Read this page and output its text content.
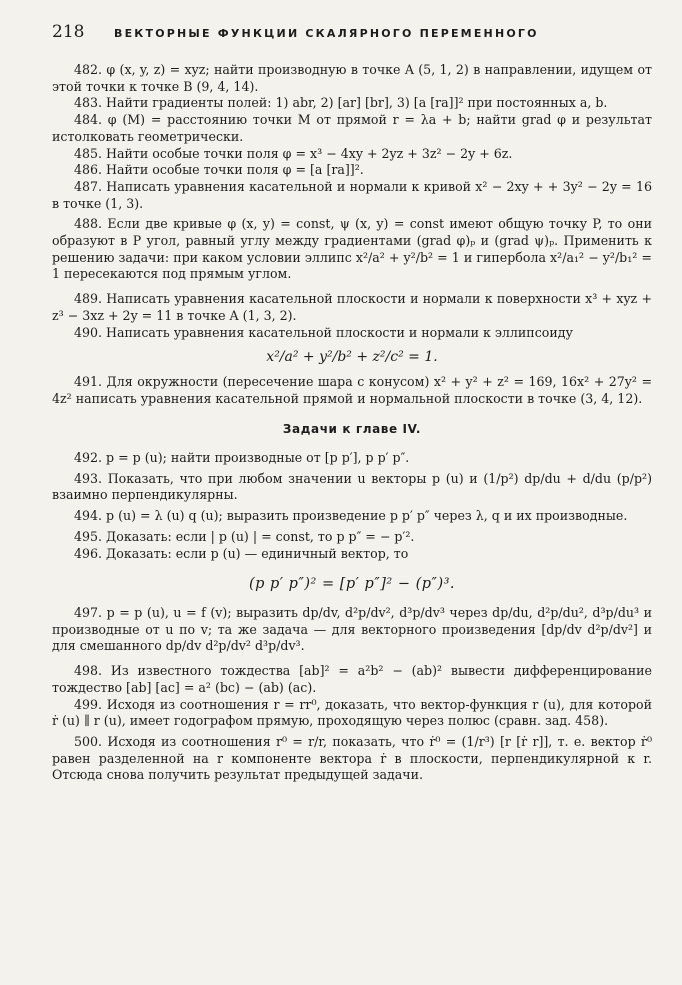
218	ВЕКТОРНЫЕ ФУНКЦИИ СКАЛЯРНОГО ПЕРЕМЕННОГО

482. φ (x, y, z) = xyz; найти производную в точке A (5, 1, 2) в направлении, идущем от этой точки к точке B (9, 4, 14).

483. Найти градиенты полей: 1) abr, 2) [ar] [br], 3) [a [ra]]² при постоянных a, b.

484. φ (M) = расстоянию точки M от прямой r = λa + b; найти grad φ и результат истолковать геометрически.

485. Найти особые точки поля φ = x³ − 4xy + 2yz + 3z² − 2y + 6z.

486. Найти особые точки поля φ = [a [ra]]².

487. Написать уравнения касательной и нормали к кривой x² − 2xy + + 3y² − 2y = 16 в точке (1, 3).

488. Если две кривые φ (x, y) = const, ψ (x, y) = const имеют общую точку P, то они образуют в P угол, равный углу между градиентами (grad φ)ₚ и (grad ψ)ₚ. Применить к решению задачи: при каком условии эллипс x²/a² + y²/b² = 1 и гипербола x²/a₁² − y²/b₁² = 1 пересекаются под прямым углом.

489. Написать уравнения касательной плоскости и нормали к поверхности x³ + xyz + z³ − 3xz + 2y = 11 в точке A (1, 3, 2).

490. Написать уравнения касательной плоскости и нормали к эллипсоиду

x²/a² + y²/b² + z²/c² = 1.

491. Для окружности (пересечение шара с конусом) x² + y² + z² = 169, 16x² + 27y² = 4z² написать уравнения касательной прямой и нормальной плоскости в точке (3, 4, 12).

Задачи к главе IV.

492. p = p (u); найти производные от [p p′], p p′ p″.

493. Показать, что при любом значении u векторы p (u) и (1/p²) dp/du + d/du (p/p²) взаимно перпендикулярны.

494. p (u) = λ (u) q (u); выразить произведение p p′ p″ через λ, q и их производные.

495. Доказать: если | p (u) | = const, то p p″ = − p′².

496. Доказать: если p (u) — единичный вектор, то

(p p′ p″)² = [p′ p″]² − (p″)³.

497. p = p (u), u = f (v); выразить dp/dv, d²p/dv², d³p/dv³ через dp/du, d²p/du², d³p/du³ и производные от u по v; та же задача — для векторного произведения [dp/dv d²p/dv²] и для смешанного dp/dv d²p/dv² d³p/dv³.

498. Из известного тождества [ab]² = a²b² − (ab)² вывести дифференцирование тождество [ab] [ac] = a² (bc) − (ab) (ac).

499. Исходя из соотношения r = rr⁰, доказать, что вектор-функция r (u), для которой ṙ (u) ∥ r (u), имеет годографом прямую, проходящую через полюс (сравн. зад. 458).

500. Исходя из соотношения r⁰ = r/r, показать, что ṙ⁰ = (1/r³) [r [ṙ r]], т. е. вектор ṙ⁰ равен разделенной на r компоненте вектора ṙ в плоскости, перпендикулярной к r. Отсюда снова получить результат предыдущей задачи.
